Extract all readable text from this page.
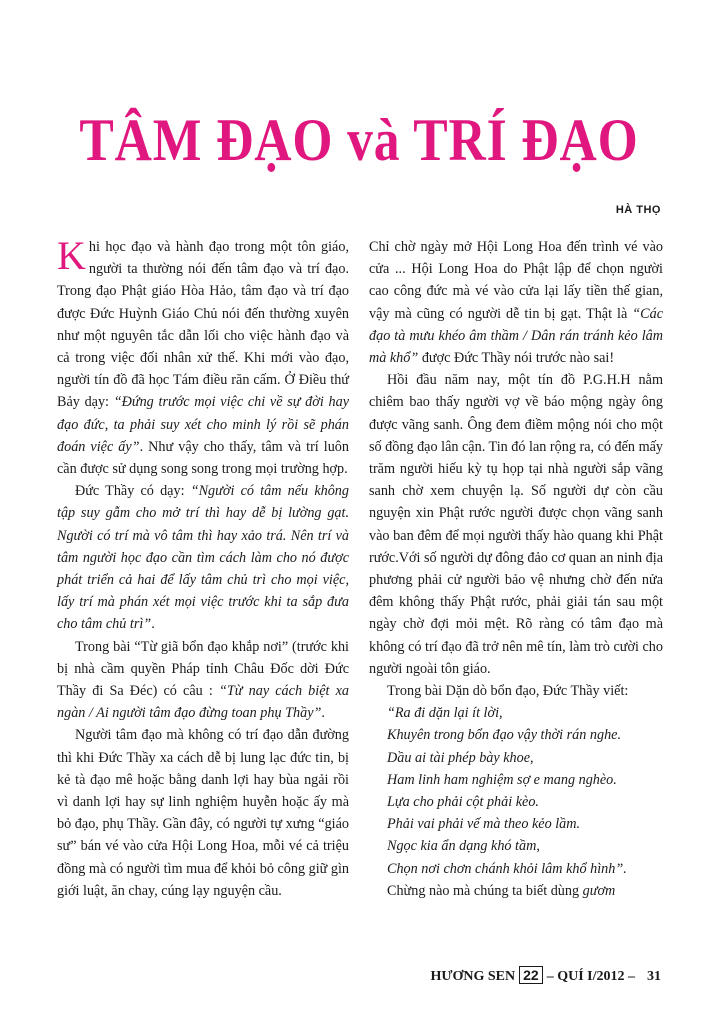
TÂM ĐẠO và TRÍ ĐẠO
HÀ THỌ

Khi học đạo và hành đạo trong một tôn giáo, người ta thường nói đến tâm đạo và trí đạo. Trong đạo Phật giáo Hòa Hảo, tâm đạo và trí đạo được Đức Huỳnh Giáo Chủ nói đến thường xuyên như một nguyên tắc dẫn lối cho việc hành đạo và cả trong việc đối nhân xử thế. Khi mới vào đạo, người tín đồ đã học Tám điều răn cấm. Ở Điều thứ Bảy dạy: “Đứng trước mọi việc chi về sự đời hay đạo đức, ta phải suy xét cho minh lý rồi sẽ phán đoán việc ấy”. Như vậy cho thấy, tâm và trí luôn cần được sử dụng song song trong mọi trường hợp.

Đức Thầy có dạy: “Người có tâm nếu không tập suy gẫm cho mở trí thì hay dễ bị lường gạt. Người có trí mà vô tâm thì hay xảo trá. Nên trí và tâm người học đạo cần tìm cách làm cho nó được phát triển cả hai để lấy tâm chủ trì cho mọi việc, lấy trí mà phán xét mọi việc trước khi ta sắp đưa cho tâm chủ trì”.

Trong bài “Từ giã bổn đạo khắp nơi” (trước khi bị nhà cầm quyền Pháp tỉnh Châu Đốc dời Đức Thầy đi Sa Đéc) có câu : “Từ nay cách biệt xa ngàn / Ai người tâm đạo đừng toan phụ Thầy”.

Người tâm đạo mà không có trí đạo dẫn đường thì khi Đức Thầy xa cách dễ bị lung lạc đức tin, bị kẻ tà đạo mê hoặc bằng danh lợi hay bùa ngải rồi vì danh lợi hay sự linh nghiệm huyễn hoặc ấy mà bỏ đạo, phụ Thầy. Gần đây, có người tự xưng “giáo sư” bán vé vào cửa Hội Long Hoa, mỗi vé cả triệu đồng mà có người tìm mua để khỏi bỏ công giữ gìn giới luật, ăn chay, cúng lạy nguyện cầu.

Chỉ chờ ngày mở Hội Long Hoa đến trình vé vào cửa ... Hội Long Hoa do Phật lập để chọn người cao công đức mà vé vào cửa lại lấy tiền thế gian, vậy mà cũng có người dễ tin bị gạt. Thật là “Các đạo tà mưu khéo âm thầm / Dân rán tránh kẻo lâm mà khổ” được Đức Thầy nói trước nào sai!

Hồi đầu năm nay, một tín đồ P.G.H.H nằm chiêm bao thấy người vợ về báo mộng ngày ông được vãng sanh. Ông đem điềm mộng nói cho một số đồng đạo lân cận. Tin đó lan rộng ra, có đến mấy trăm người hiếu kỳ tụ họp tại nhà người sắp vãng sanh chờ xem chuyện lạ. Số người dự còn cầu nguyện xin Phật rước người được chọn vãng sanh vào ban đêm để mọi người thấy hào quang khi Phật rước.Với số người dự đông đảo cơ quan an ninh địa phương phải cử người bảo vệ nhưng chờ đến nửa đêm không thấy Phật rước, phải giải tán sau một ngày chờ đợi mỏi mệt. Rõ ràng có tâm đạo mà không có trí đạo đã trở nên mê tín, làm trò cười cho người ngoài tôn giáo.

Trong bài Dặn dò bổn đạo, Đức Thầy viết:

“Ra đi dặn lại ít lời,

Khuyên trong bổn đạo vậy thời rán nghe.

Dầu ai tài phép bày khoe,

Ham linh ham nghiệm sợ e mang nghèo.

Lựa cho phải cột phải kèo.

Phải vai phải vế mà theo kẻo lầm.

Ngọc kia ẩn dạng khó tầm,

Chọn nơi chơn chánh khỏi lâm khổ hình”.

Chừng nào mà chúng ta biết dùng gươm

HƯƠNG SEN 22 – QUÍ I/2012 – 31
